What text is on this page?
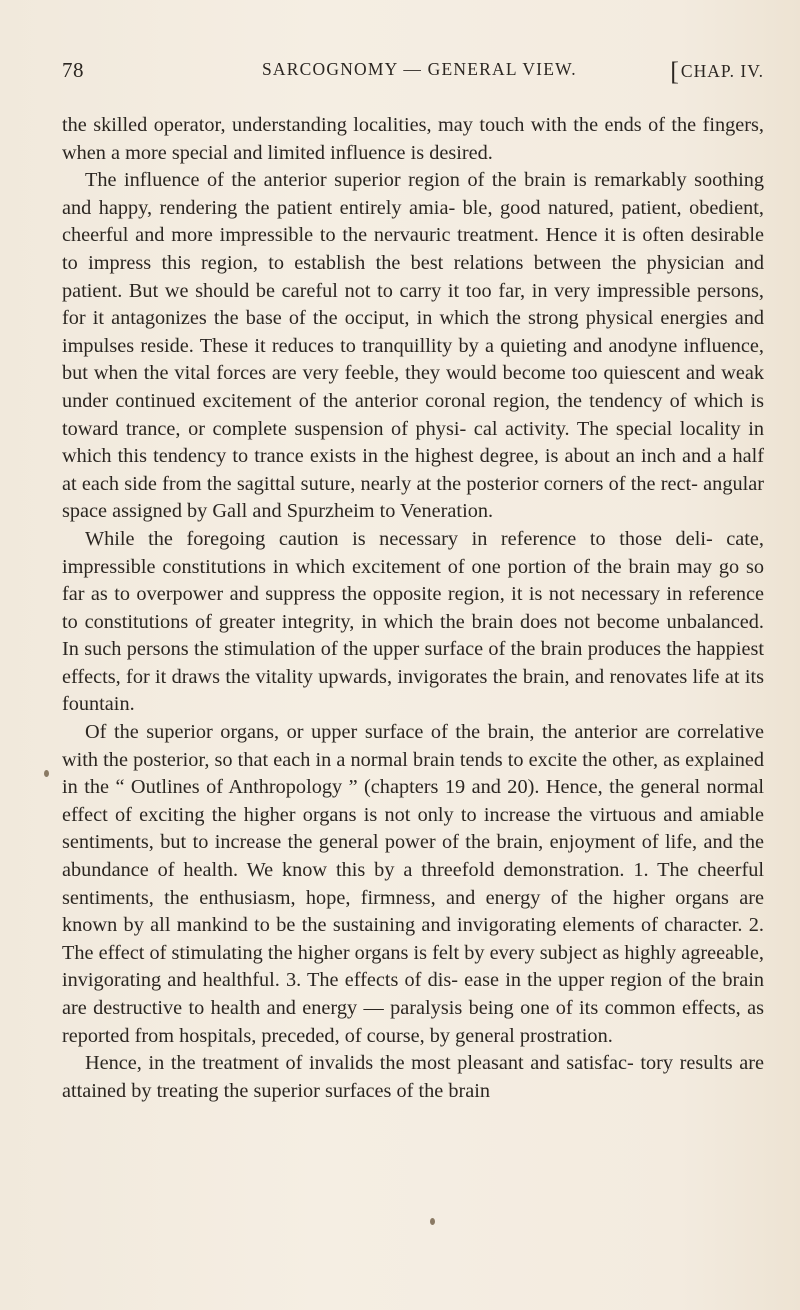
78	SARCOGNOMY — GENERAL VIEW.	[CHAP. IV.

the skilled operator, understanding localities, may touch with the ends of the fingers, when a more special and limited influence is desired.

The influence of the anterior superior region of the brain is remarkably soothing and happy, rendering the patient entirely amia- ble, good natured, patient, obedient, cheerful and more impressible to the nervauric treatment. Hence it is often desirable to impress this region, to establish the best relations between the physician and patient. But we should be careful not to carry it too far, in very impressible persons, for it antagonizes the base of the occiput, in which the strong physical energies and impulses reside. These it reduces to tranquillity by a quieting and anodyne influence, but when the vital forces are very feeble, they would become too quiescent and weak under continued excitement of the anterior coronal region, the tendency of which is toward trance, or complete suspension of physi- cal activity. The special locality in which this tendency to trance exists in the highest degree, is about an inch and a half at each side from the sagittal suture, nearly at the posterior corners of the rect- angular space assigned by Gall and Spurzheim to Veneration.

While the foregoing caution is necessary in reference to those deli- cate, impressible constitutions in which excitement of one portion of the brain may go so far as to overpower and suppress the opposite region, it is not necessary in reference to constitutions of greater integrity, in which the brain does not become unbalanced. In such persons the stimulation of the upper surface of the brain produces the happiest effects, for it draws the vitality upwards, invigorates the brain, and renovates life at its fountain.

Of the superior organs, or upper surface of the brain, the anterior are correlative with the posterior, so that each in a normal brain tends to excite the other, as explained in the “ Outlines of Anthropology ” (chapters 19 and 20). Hence, the general normal effect of exciting the higher organs is not only to increase the virtuous and amiable sentiments, but to increase the general power of the brain, enjoyment of life, and the abundance of health. We know this by a threefold demonstration. 1. The cheerful sentiments, the enthusiasm, hope, firmness, and energy of the higher organs are known by all mankind to be the sustaining and invigorating elements of character. 2. The effect of stimulating the higher organs is felt by every subject as highly agreeable, invigorating and healthful. 3. The effects of dis- ease in the upper region of the brain are destructive to health and energy — paralysis being one of its common effects, as reported from hospitals, preceded, of course, by general prostration.

Hence, in the treatment of invalids the most pleasant and satisfac- tory results are attained by treating the superior surfaces of the brain
